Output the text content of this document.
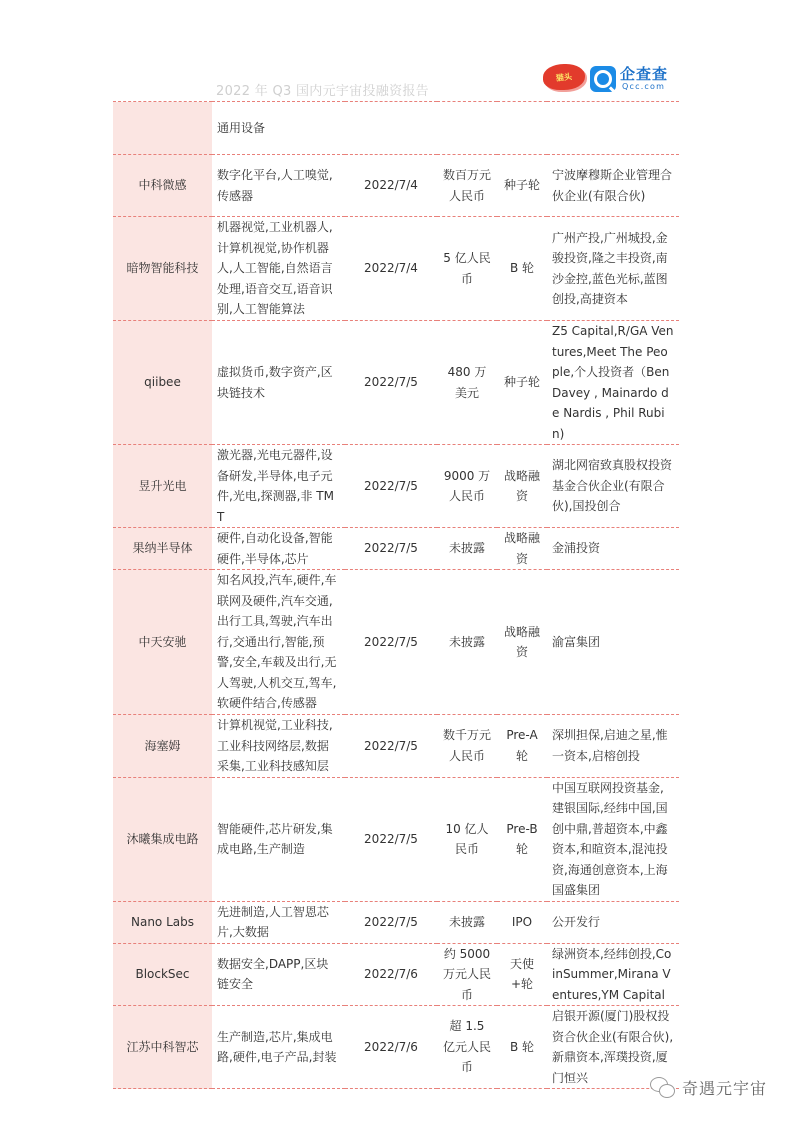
2022 年 Q3 国内元宇宙投融资报告
猫头	企查查
Qcc.com
	通用设备				
中科微感	数字化平台,人工嗅觉,传感器	2022/7/4	数百万元人民币	种子轮	宁波摩穆斯企业管理合伙企业(有限合伙)
暗物智能科技	机器视觉,工业机器人,计算机视觉,协作机器人,人工智能,自然语言处理,语音交互,语音识别,人工智能算法	2022/7/4	5 亿人民币	B 轮	广州产投,广州城投,金骏投资,隆之丰投资,南沙金控,蓝色光标,蓝图创投,高捷资本
qiibee	虚拟货币,数字资产,区块链技术	2022/7/5	480 万美元	种子轮	Z5 Capital,R/GA Ventures,Meet The People,个人投资者（Ben Davey , Mainardo de Nardis , Phil Rubin)
昱升光电	激光器,光电元器件,设备研发,半导体,电子元件,光电,探测器,非 TMT	2022/7/5	9000 万人民币	战略融资	湖北网宿致真股权投资基金合伙企业(有限合伙),国投创合
果纳半导体	硬件,自动化设备,智能硬件,半导体,芯片	2022/7/5	未披露	战略融资	金浦投资
中天安驰	知名风投,汽车,硬件,车联网及硬件,汽车交通,出行工具,驾驶,汽车出行,交通出行,智能,预警,安全,车载及出行,无人驾驶,人机交互,驾车,软硬件结合,传感器	2022/7/5	未披露	战略融资	渝富集团
海塞姆	计算机视觉,工业科技,工业科技网络层,数据采集,工业科技感知层	2022/7/5	数千万元人民币	Pre-A 轮	深圳担保,启迪之星,惟一资本,启榕创投
沐曦集成电路	智能硬件,芯片研发,集成电路,生产制造	2022/7/5	10 亿人民币	Pre-B 轮	中国互联网投资基金,建银国际,经纬中国,国创中鼎,普超资本,中鑫资本,和暄资本,混沌投资,海通创意资本,上海国盛集团
Nano Labs	先进制造,人工智恩芯片,大数据	2022/7/5	未披露	IPO	公开发行
BlockSec	数据安全,DAPP,区块链安全	2022/7/6	约 5000 万元人民币	天使+轮	绿洲资本,经纬创投,CoinSummer,Mirana Ventures,YM Capital
江苏中科智芯	生产制造,芯片,集成电路,硬件,电子产品,封装	2022/7/6	超 1.5 亿元人民币	B 轮	启银开源(厦门)股权投资合伙企业(有限合伙),新鼎资本,浑璞投资,厦门恒兴
奇遇元宇宙
